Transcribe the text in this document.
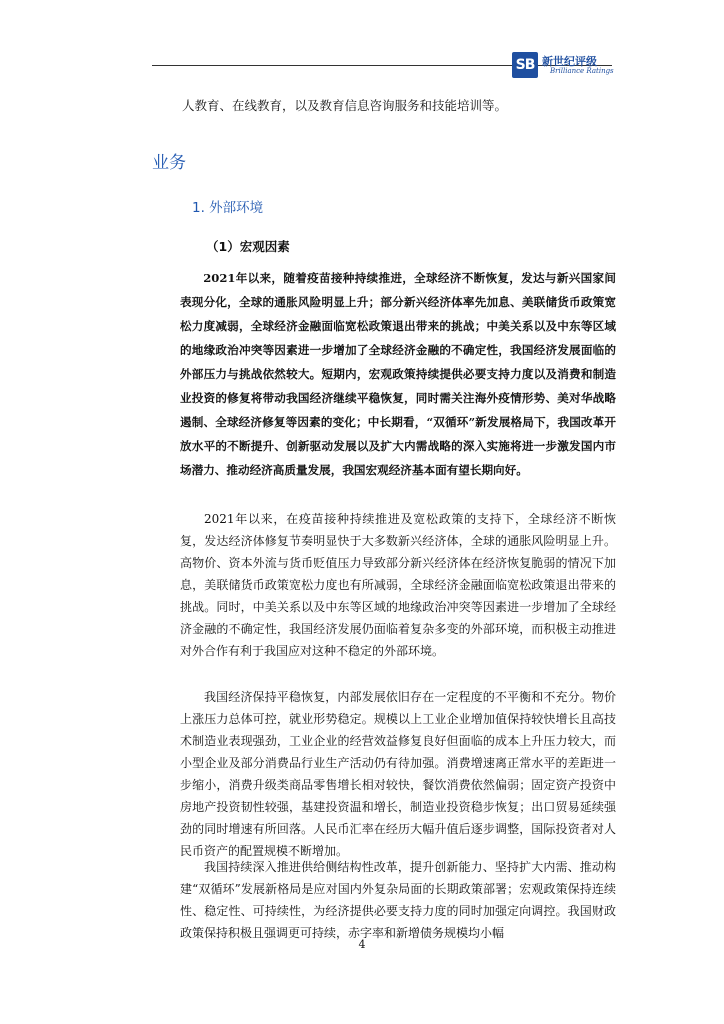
SB 新世纪评级
Brilliance Ratings
人教育、在线教育，以及教育信息咨询服务和技能培训等。
业务
1. 外部环境
（1）宏观因素

2021年以来，随着疫苗接种持续推进，全球经济不断恢复，发达与新兴国家间表现分化，全球的通胀风险明显上升；部分新兴经济体率先加息、美联储货币政策宽松力度减弱，全球经济金融面临宽松政策退出带来的挑战；中美关系以及中东等区域的地缘政治冲突等因素进一步增加了全球经济金融的不确定性，我国经济发展面临的外部压力与挑战依然较大。短期内，宏观政策持续提供必要支持力度以及消费和制造业投资的修复将带动我国经济继续平稳恢复，同时需关注海外疫情形势、美对华战略遏制、全球经济修复等因素的变化；中长期看，“双循环”新发展格局下，我国改革开放水平的不断提升、创新驱动发展以及扩大内需战略的深入实施将进一步激发国内市场潜力、推动经济高质量发展，我国宏观经济基本面有望长期向好。

2021年以来，在疫苗接种持续推进及宽松政策的支持下，全球经济不断恢复，发达经济体修复节奏明显快于大多数新兴经济体，全球的通胀风险明显上升。高物价、资本外流与货币贬值压力导致部分新兴经济体在经济恢复脆弱的情况下加息，美联储货币政策宽松力度也有所减弱，全球经济金融面临宽松政策退出带来的挑战。同时，中美关系以及中东等区域的地缘政治冲突等因素进一步增加了全球经济金融的不确定性，我国经济发展仍面临着复杂多变的外部环境，而积极主动推进对外合作有利于我国应对这种不稳定的外部环境。

我国经济保持平稳恢复，内部发展依旧存在一定程度的不平衡和不充分。物价上涨压力总体可控，就业形势稳定。规模以上工业企业增加值保持较快增长且高技术制造业表现强劲，工业企业的经营效益修复良好但面临的成本上升压力较大，而小型企业及部分消费品行业生产活动仍有待加强。消费增速离正常水平的差距进一步缩小，消费升级类商品零售增长相对较快，餐饮消费依然偏弱；固定资产投资中房地产投资韧性较强，基建投资温和增长，制造业投资稳步恢复；出口贸易延续强劲的同时增速有所回落。人民币汇率在经历大幅升值后逐步调整，国际投资者对人民币资产的配置规模不断增加。

我国持续深入推进供给侧结构性改革，提升创新能力、坚持扩大内需、推动构建“双循环”发展新格局是应对国内外复杂局面的长期政策部署；宏观政策保持连续性、稳定性、可持续性，为经济提供必要支持力度的同时加强定向调控。我国财政政策保持积极且强调更可持续，赤字率和新增债务规模均小幅

4
